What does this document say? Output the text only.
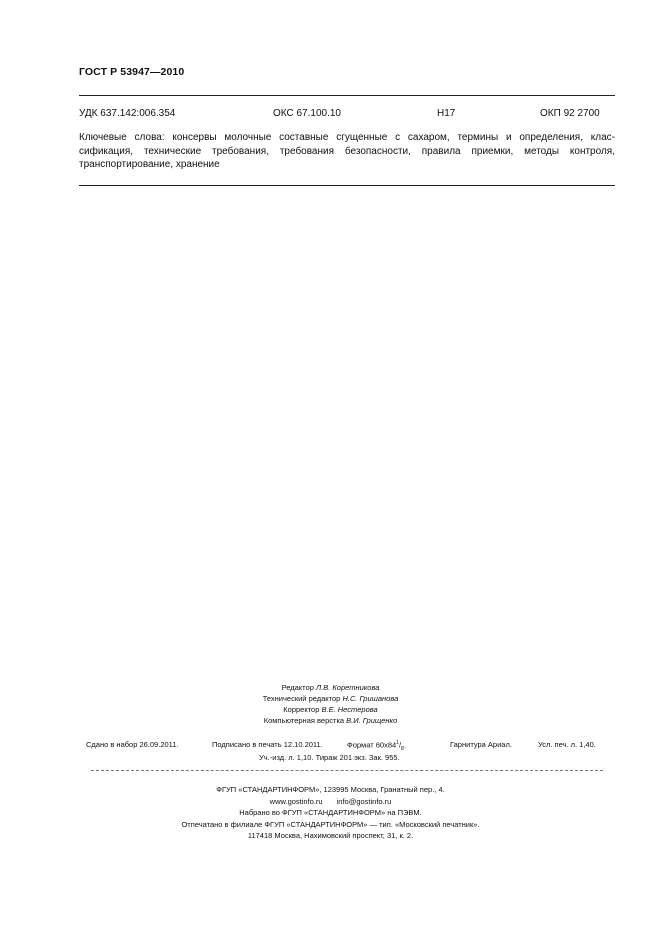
ГОСТ Р 53947—2010
УДК 637.142:006.354	ОКС 67.100.10	Н17	ОКП 92 2700
Ключевые слова: консервы молочные составные сгущенные с сахаром, термины и определения, клас-
сификация, технические требования, требования безопасности, правила приемки, методы контроля,
транспортирование, хранение
Редактор Л.В. Коретникова
Технический редактор Н.С. Гришанова
Корректор В.Е. Нестерова
Компьютерная верстка В.И. Грищенко
Сдано в набор 26.09.2011.	Подписано в печать 12.10.2011.	Формат $60х84^1/_8$.	Гарнитура Ариал.	Усл. печ. л. 1,40.
Уч.-изд. л. 1,10. Тираж 201 экз. Зак. 955.
ФГУП «СТАНДАРТИНФОРМ», 123995 Москва, Гранатный пер., 4.
www.gostinfo.ru info@gostinfo.ru
Набрано во ФГУП «СТАНДАРТИНФОРМ» на ПЭВМ.
Отпечатано в филиале ФГУП «СТАНДАРТИНФОРМ» — тип. «Московский печатник».
117418 Москва, Нахимовский проспект, 31, к. 2.
